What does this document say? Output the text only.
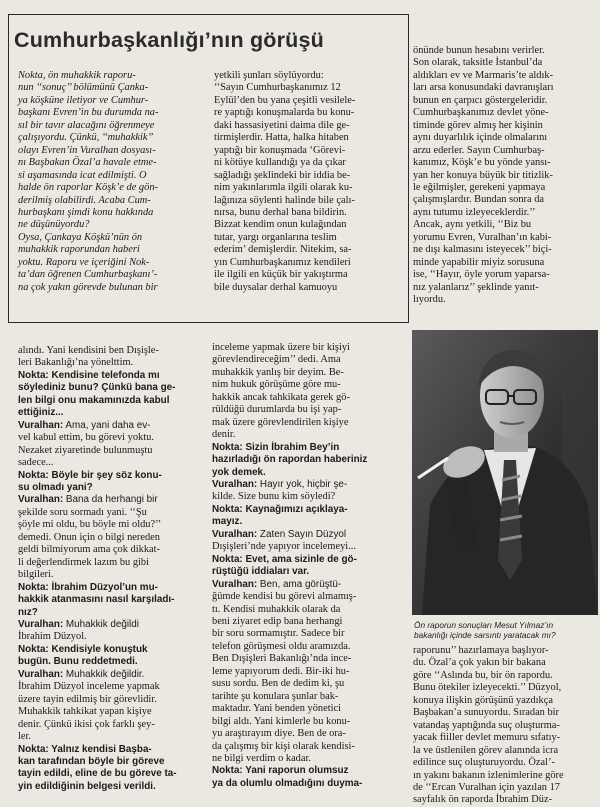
Cumhurbaşkanlığı’nın görüşü

Nokta, ön muhakkik raporu-

nun ‘‘sonuç’’ bölümünü Çanka-

ya köşküne iletiyor ve Cumhur-

başkanı Evren’in bu durumda na-

sıl bir tavır alacağını öğrenmeye

çalışıyordu. Çünkü, ‘‘muhakkik’’

olayı Evren’in Vuralhan dosyası-

nı Başbakan Özal’a havale etme-

si aşamasında icat edilmişti. O

halde ön raporlar Köşk’e de gön-

derilmiş olabilirdi. Acaba Cum-

hurbaşkanı şimdi konu hakkında

ne düşünüyordu?

Oysa, Çankaya Köşkü’nün ön

muhakkik raporundan haberi

yoktu. Raporu ve içeriğini Nok-

ta’dan öğrenen Cumhurbaşkanı’-

na çok yakın görevde bulunan bir

yetkili şunları söylüyordu:

‘‘Sayın Cumhurbaşkanımız 12

Eylül’den bu yana çeşitli vesilele-

re yaptığı konuşmalarda bu konu-

daki hassasiyetini daima dile ge-

tirmişlerdir. Hatta, halka hitaben

yaptığı bir konuşmada ‘Görevi-

ni kötüye kullandığı ya da çıkar

sağladığı şeklindeki bir iddia be-

nim yakınlarımla ilgili olarak ku-

lağınıza söylenti halinde bile çalı-

nırsa, bunu derhal bana bildirin.

Bizzat kendim onun kulağından

tutar, yargı organlarına teslim

ederim’ demişlerdir. Nitekim, sa-

yın Cumhurbaşkanımız kendileri

ile ilgili en küçük bir yakıştırma

bile duysalar derhal kamuoyu

önünde bunun hesabını verirler.

Son olarak, taksitle İstanbul’da

aldıkları ev ve Marmaris’te aldık-

ları arsa konusundaki davranışları

bunun en çarpıcı göstergeleridir.

Cumhurbaşkanımız devlet yöne-

timinde görev almış her kişinin

aynı duyarlılık içinde olmalarını

arzu ederler. Sayın Cumhurbaş-

kanımız, Köşk’e bu yönde yansı-

yan her konuya büyük bir titizlik-

le eğilmişler, gerekeni yapmaya

çalışmışlardır. Bundan sonra da

aynı tutumu izleyeceklerdir.’’

Ancak, aynı yetkili, ‘‘Biz bu

yorumu Evren, Vuralhan’ın kabi-

ne dışı kalmasını isteyecek’’ biçi-

minde yapabilir miyiz sorusuna

ise, ‘‘Hayır, öyle yorum yaparsa-

nız yalanlarız’’ şeklinde yanıt-

lıyordu.

alındı. Yani kendisini ben Dışişle-

leri Bakanlığı’na yönelttim.

Nokta: Kendisine telefonda mı

söylediniz bunu? Çünkü bana ge-

len bilgi onu makamınızda kabul

ettiğiniz...

Vuralhan: Ama, yani daha ev-

vel kabul ettim, bu görevi yoktu.

Nezaket ziyaretinde bulunmuştu

sadece...

Nokta: Böyle bir şey söz konu-

su olmadı yani?

Vuralhan: Bana da herhangi bir

şekilde soru sormadı yani. ‘‘Şu

şöyle mi oldu, bu böyle mi oldu?’’

demedi. Onun için o bilgi nereden

geldi bilmiyorum ama çok dikkat-

li değerlendirmek lazım bu gibi

bilgileri.

Nokta: İbrahim Düzyol’un mu-

hakkik atanmasını nasıl karşıladı-

nız?

Vuralhan: Muhakkik değildi

İbrahim Düzyol.

Nokta: Kendisiyle konuştuk

bugün. Bunu reddetmedi.

Vuralhan: Muhakkik değildir.

İbrahim Düzyol inceleme yapmak

üzere tayin edilmiş bir görevlidir.

Muhakkik tahkikat yapan kişiye

denir. Çünkü ikisi çok farklı şey-

ler.

Nokta: Yalnız kendisi Başba-

kan tarafından böyle bir göreve

tayin edildi, eline de bu göreve ta-

yin edildiğinin belgesi verildi.

inceleme yapmak üzere bir kişiyi

görevlendireceğim’’ dedi. Ama

muhakkik yanlış bir deyim. Be-

nim hukuk görüşüme göre mu-

hakkik ancak tahkikata gerek gö-

rüldüğü durumlarda bu işi yap-

mak üzere görevlendirilen kişiye

denir.

Nokta: Sizin İbrahim Bey’in

hazırladığı ön rapordan haberiniz

yok demek.

Vuralhan: Hayır yok, hiçbir şe-

kilde. Size bunu kim söyledi?

Nokta: Kaynağımızı açıklaya-

mayız.

Vuralhan: Zaten Sayın Düzyol

Dışişleri’nde yapıyor incelemeyi...

Nokta: Evet, ama sizinle de gö-

rüştüğü iddiaları var.

Vuralhan: Ben, ama görüştü-

ğümde kendisi bu görevi almamış-

tı. Kendisi muhakkik olarak da

beni ziyaret edip bana herhangi

bir soru sormamıştır. Sadece bir

telefon görüşmesi oldu aramızda.

Ben Dışişleri Bakanlığı’nda ince-

leme yapıyorum dedi. Bir-iki hu-

susu sordu. Ben de dedim ki, şu

tarihte şu konulara şunlar bak-

maktadır. Yani benden yönetici

bilgi aldı. Yani kimlerle bu konu-

yu araştırayım diye. Ben de ora-

da çalışmış bir kişi olarak kendisi-

ne bilgi verdim o kadar.

Nokta: Yani raporun olumsuz

ya da olumlu olmadığını duyma-

Ön raporun sonuçları Mesut Yılmaz’ın
bakanlığı içinde sarsıntı yaratacak mı?

raporunu’’ hazırlamaya başlıyor-

du. Özal’a çok yakın bir bakana

göre ‘‘Aslında bu, bir ön rapordu.

Bunu ötekiler izleyecekti.’’ Düzyol,

konuya ilişkin görüşünü yazdıkça

Başbakan’a sunuyordu. Sıradan bir

vatandaş yaptığında suç oluşturma-

yacak fiiller devlet memuru sıfatıy-

la ve üstlenilen görev alanında icra

edilince suç oluşturuyordu. Özal’-

ın yakını bakanın izlenimlerine göre

de ‘‘Ercan Vuralhan için yazılan 17

sayfalık ön raporda İbrahim Düz-
